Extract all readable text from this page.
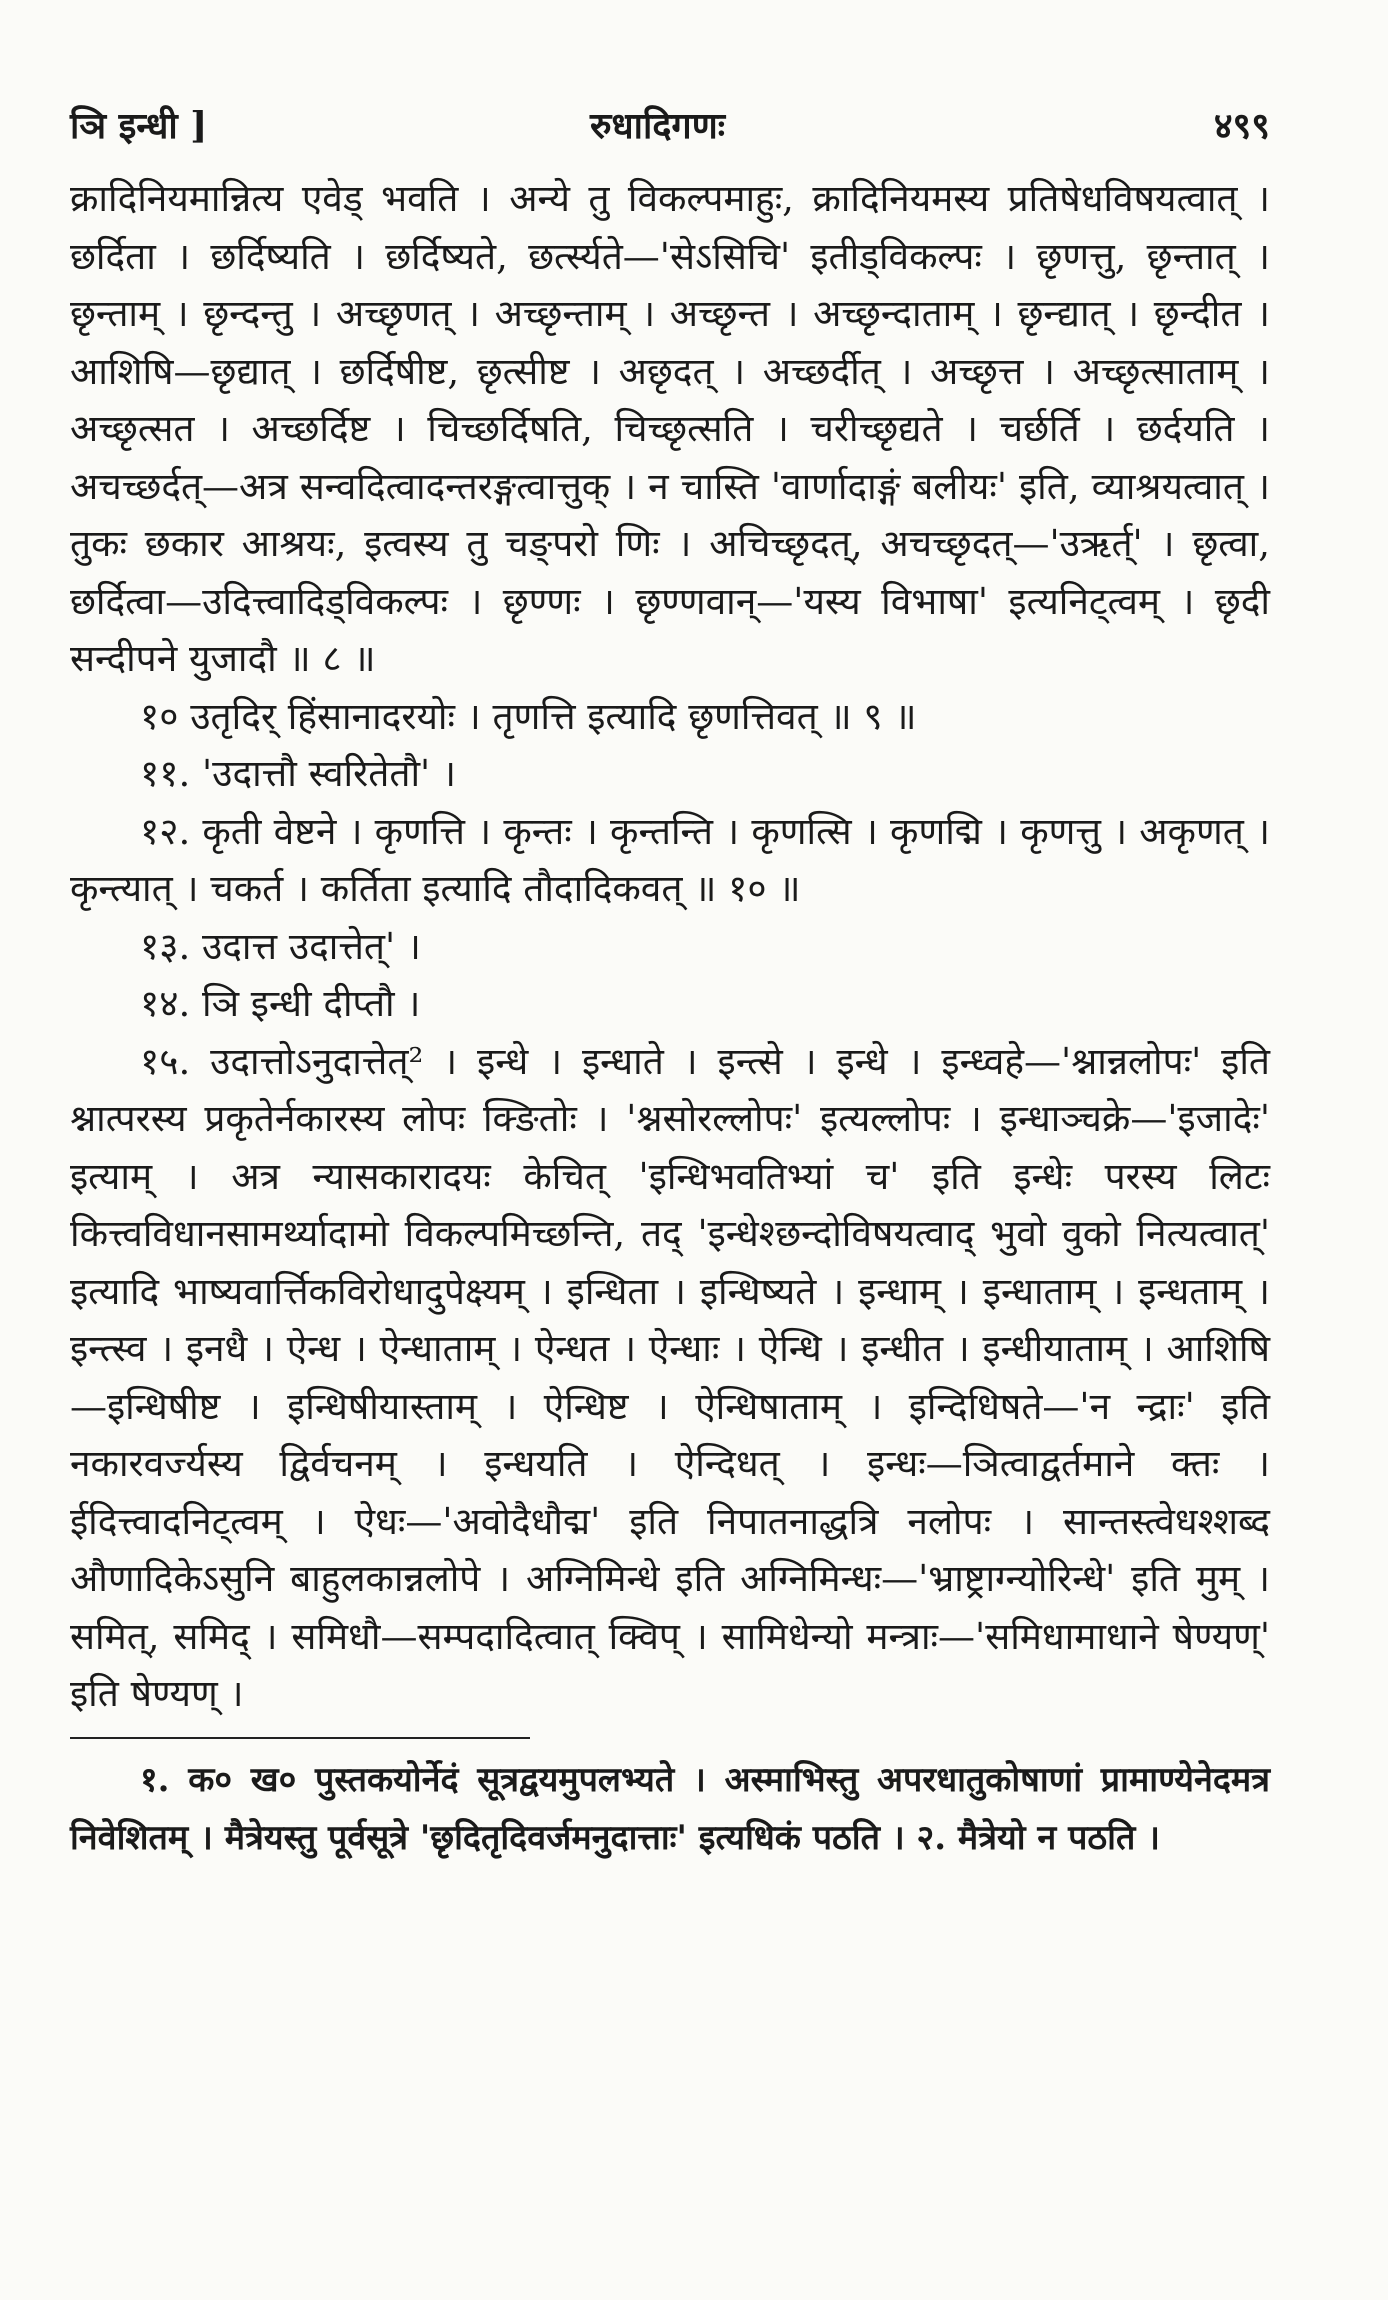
ञि इन्धी ]	रुधादिगणः	४९९

क्रादिनियमान्नित्य एवेड् भवति । अन्ये तु विकल्पमाहुः, क्रादिनियमस्य प्रतिषेधविषयत्वात् । छर्दिता । छर्दिष्यति । छर्दिष्यते, छर्त्स्यते—'सेऽसिचि' इतीड्विकल्पः । छृणत्तु, छृन्तात् । छृन्ताम् । छृन्दन्तु । अच्छृणत् । अच्छृन्ताम् । अच्छृन्त । अच्छृन्दाताम् । छृन्द्यात् । छृन्दीत । आशिषि—छृद्यात् । छर्दिषीष्ट, छृत्सीष्ट । अछृदत् । अच्छर्दीत् । अच्छृत्त । अच्छृत्साताम् । अच्छृत्सत । अच्छर्दिष्ट । चिच्छर्दिषति, चिच्छृत्सति । चरीच्छृद्यते । चर्छर्ति । छर्दयति । अचच्छर्दत्—अत्र सन्वदित्वादन्तरङ्गत्वात्तुक् । न चास्ति 'वार्णादाङ्गं बलीयः' इति, व्याश्रयत्वात् । तुकः छकार आश्रयः, इत्वस्य तु चङ्परो णिः । अचिच्छृदत्, अचच्छृदत्—'उऋर्त्' । छृत्वा, छर्दित्वा—उदित्त्वादिड्विकल्पः । छृण्णः । छृण्णवान्—'यस्य विभाषा' इत्यनिट्त्वम् । छृदी सन्दीपने युजादौ ॥ ८ ॥

१० उतृदिर् हिंसानादरयोः । तृणत्ति इत्यादि छृणत्तिवत् ॥ ९ ॥

११. 'उदात्तौ स्वरितेतौ' ।

१२. कृती वेष्टने । कृणत्ति । कृन्तः । कृन्तन्ति । कृणत्सि । कृणद्मि । कृणत्तु । अकृणत् । कृन्त्यात् । चकर्त । कर्तिता इत्यादि तौदादिकवत् ॥ १० ॥

१३. उदात्त उदात्तेत्' ।

१४. ञि इन्धी दीप्तौ ।

१५. उदात्तोऽनुदात्तेत्² । इन्धे । इन्धाते । इन्त्से । इन्धे । इन्ध्वहे—'श्नान्नलोपः' इति श्नात्परस्य प्रकृतेर्नकारस्य लोपः क्ङितोः । 'श्नसोरल्लोपः' इत्यल्लोपः । इन्धाञ्चक्रे—'इजादेः' इत्याम् । अत्र न्यासकारादयः केचित् 'इन्धिभवतिभ्यां च' इति इन्धेः परस्य लिटः कित्त्वविधानसामर्थ्यादामो विकल्पमिच्छन्ति, तद् 'इन्धेश्छन्दोविषयत्वाद् भुवो वुको नित्यत्वात्' इत्यादि भाष्यवार्त्तिकविरोधादुपेक्ष्यम् । इन्धिता । इन्धिष्यते । इन्धाम् । इन्धाताम् । इन्धताम् । इन्त्स्व । इनधै । ऐन्ध । ऐन्धाताम् । ऐन्धत । ऐन्धाः । ऐन्धि । इन्धीत । इन्धीयाताम् । आशिषि—इन्धिषीष्ट । इन्धिषीयास्ताम् । ऐन्धिष्ट । ऐन्धिषाताम् । इन्दिधिषते—'न न्द्राः' इति नकारवर्ज्यस्य द्विर्वचनम् । इन्धयति । ऐन्दिधत् । इन्धः—ञित्वाद्वर्तमाने क्तः । ईदित्त्वादनिट्त्वम् । ऐधः—'अवोदैधौद्म' इति निपातनाद्धत्रि नलोपः । सान्तस्त्वेधश्शब्द औणादिकेऽसुनि बाहुलकान्नलोपे । अग्निमिन्धे इति अग्निमिन्धः—'भ्राष्ट्राग्न्योरिन्धे' इति मुम् । समित्, समिद् । समिधौ—सम्पदादित्वात् क्विप् । सामिधेन्यो मन्त्राः—'समिधामाधाने षेण्यण्' इति षेण्यण् ।

१. क० ख० पुस्तकयोर्नेदं सूत्रद्वयमुपलभ्यते । अस्माभिस्तु अपरधातुकोषाणां प्रामाण्येनेदमत्र निवेशितम् । मैत्रेयस्तु पूर्वसूत्रे 'छृदितृदिवर्जमनुदात्ताः' इत्यधिकं पठति । २. मैत्रेयो न पठति ।
